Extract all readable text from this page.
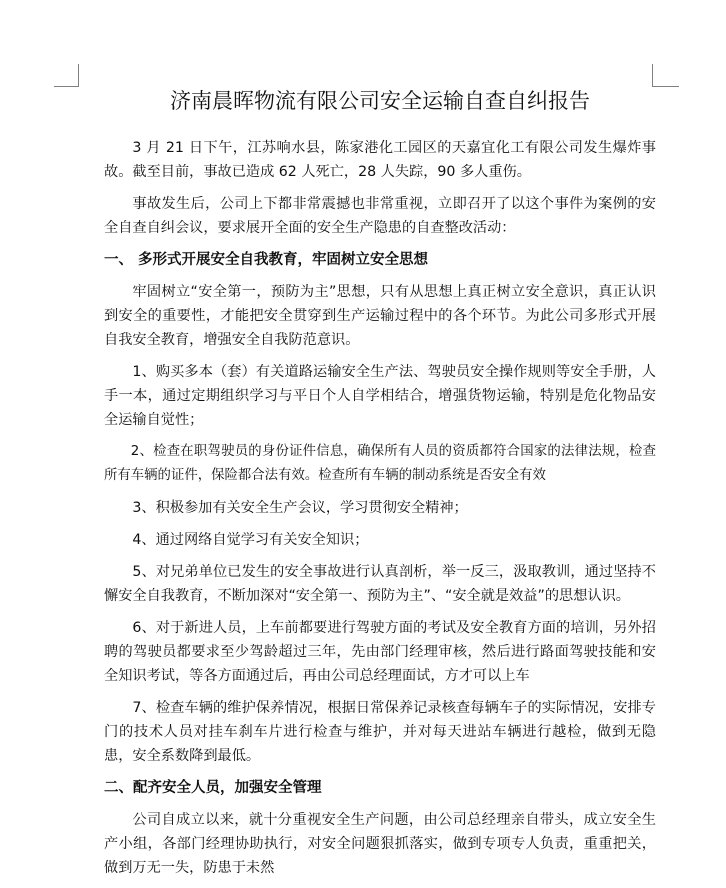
济南晨晖物流有限公司安全运输自查自纠报告

3 月 21 日下午，江苏响水县，陈家港化工园区的天嘉宜化工有限公司发生爆炸事故。截至目前，事故已造成 62 人死亡，28 人失踪，90 多人重伤。

事故发生后，公司上下都非常震撼也非常重视，立即召开了以这个事件为案例的安全自查自纠会议，要求展开全面的安全生产隐患的自查整改活动：

一、 多形式开展安全自我教育，牢固树立安全思想

牢固树立“安全第一，预防为主”思想，只有从思想上真正树立安全意识，真正认识到安全的重要性，才能把安全贯穿到生产运输过程中的各个环节。为此公司多形式开展自我安全教育，增强安全自我防范意识。

1、购买多本（套）有关道路运输安全生产法、驾驶员安全操作规则等安全手册，人手一本，通过定期组织学习与平日个人自学相结合，增强货物运输，特别是危化物品安全运输自觉性；

2、检查在职驾驶员的身份证件信息，确保所有人员的资质都符合国家的法律法规，检查所有车辆的证件，保险都合法有效。检查所有车辆的制动系统是否安全有效

3、积极参加有关安全生产会议，学习贯彻安全精神；

4、通过网络自觉学习有关安全知识；

5、对兄弟单位已发生的安全事故进行认真剖析，举一反三，汲取教训，通过坚持不懈安全自我教育，不断加深对“安全第一、预防为主”、“安全就是效益”的思想认识。

6、对于新进人员，上车前都要进行驾驶方面的考试及安全教育方面的培训，另外招聘的驾驶员都要求至少驾龄超过三年，先由部门经理审核，然后进行路面驾驶技能和安全知识考试，等各方面通过后，再由公司总经理面试，方才可以上车

7、检查车辆的维护保养情况，根据日常保养记录核查每辆车子的实际情况，安排专门的技术人员对挂车刹车片进行检查与维护，并对每天进站车辆进行越检，做到无隐患，安全系数降到最低。

二、配齐安全人员，加强安全管理

公司自成立以来，就十分重视安全生产问题，由公司总经理亲自带头，成立安全生产小组，各部门经理协助执行，对安全问题狠抓落实，做到专项专人负责，重重把关，做到万无一失，防患于未然
